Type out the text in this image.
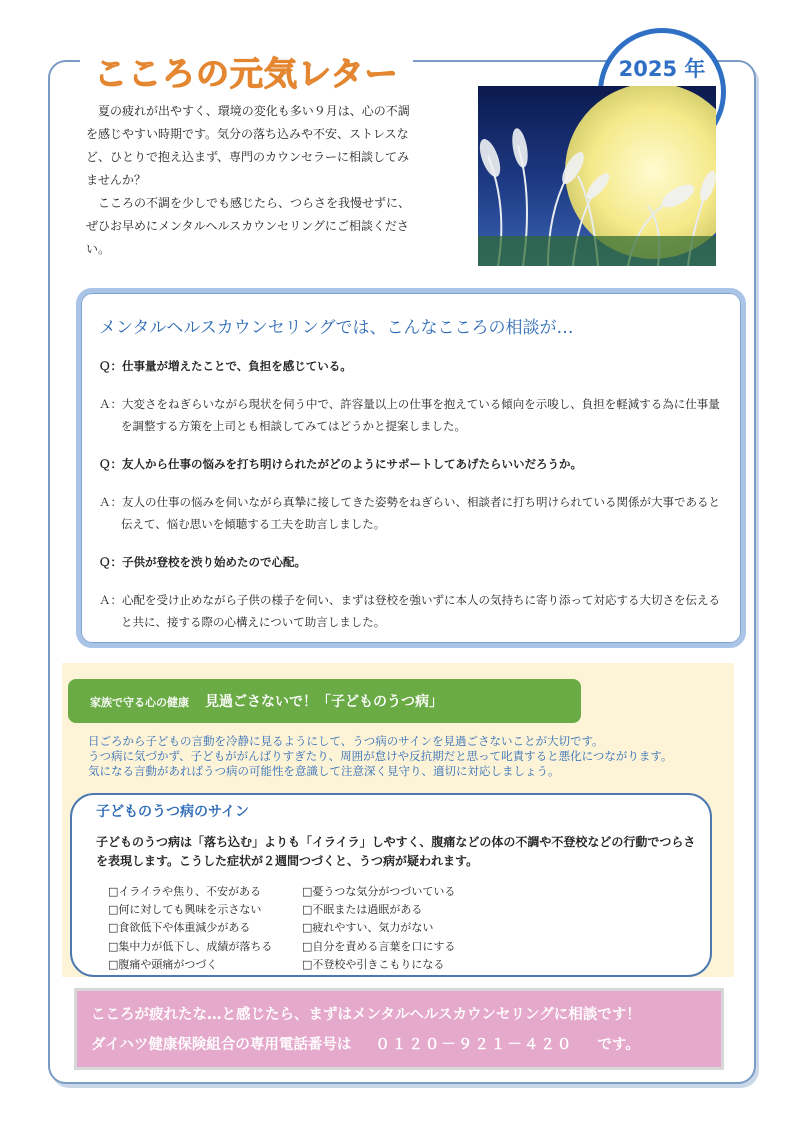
こころの元気レター	2025 年

夏の疲れが出やすく、環境の変化も多い９月は、心の不調を感じやすい時期です。気分の落ち込みや不安、ストレスなど、ひとりで抱え込まず、専門のカウンセラーに相談してみませんか？

こころの不調を少しでも感じたら、つらさを我慢せずに、ぜひお早めにメンタルヘルスカウンセリングにご相談ください。

メンタルヘルスカウンセリングでは、こんなこころの相談が…

Ｑ：仕事量が増えたことで、負担を感じている。

Ａ：大変さをねぎらいながら現状を伺う中で、許容量以上の仕事を抱えている傾向を示唆し、負担を軽減する為に仕事量を調整する方策を上司とも相談してみてはどうかと提案しました。

Ｑ：友人から仕事の悩みを打ち明けられたがどのようにサポートしてあげたらいいだろうか。

Ａ：友人の仕事の悩みを伺いながら真摯に接してきた姿勢をねぎらい、相談者に打ち明けられている関係が大事であると伝えて、悩む思いを傾聴する工夫を助言しました。

Ｑ：子供が登校を渋り始めたので心配。

Ａ：心配を受け止めながら子供の様子を伺い、まずは登校を強いずに本人の気持ちに寄り添って対応する大切さを伝えると共に、接する際の心構えについて助言しました。

家族で守る心の健康 見過ごさないで！「子どものうつ病」

日ごろから子どもの言動を冷静に見るようにして、うつ病のサインを見過ごさないことが大切です。

うつ病に気づかず、子どもががんばりすぎたり、周囲が怠けや反抗期だと思って叱責すると悪化につながります。

気になる言動があればうつ病の可能性を意識して注意深く見守り、適切に対応しましょう。

子どものうつ病のサイン
子どものうつ病は「落ち込む」よりも「イライラ」しやすく、腹痛などの体の不調や不登校などの行動でつらさを表現します。こうした症状が２週間つづくと、うつ病が疑われます。
□イライラや焦り、不安がある
□何に対しても興味を示さない
□食欲低下や体重減少がある
□集中力が低下し、成績が落ちる
□腹痛や頭痛がつづく
□憂うつな気分がつづいている
□不眠または過眠がある
□疲れやすい、気力がない
□自分を責める言葉を口にする
□不登校や引きこもりになる
こころが疲れたな…と感じたら、まずはメンタルヘルスカウンセリングに相談です！
ダイハツ健康保険組合の専用電話番号は ０１２０－９２１－４２０ です。
